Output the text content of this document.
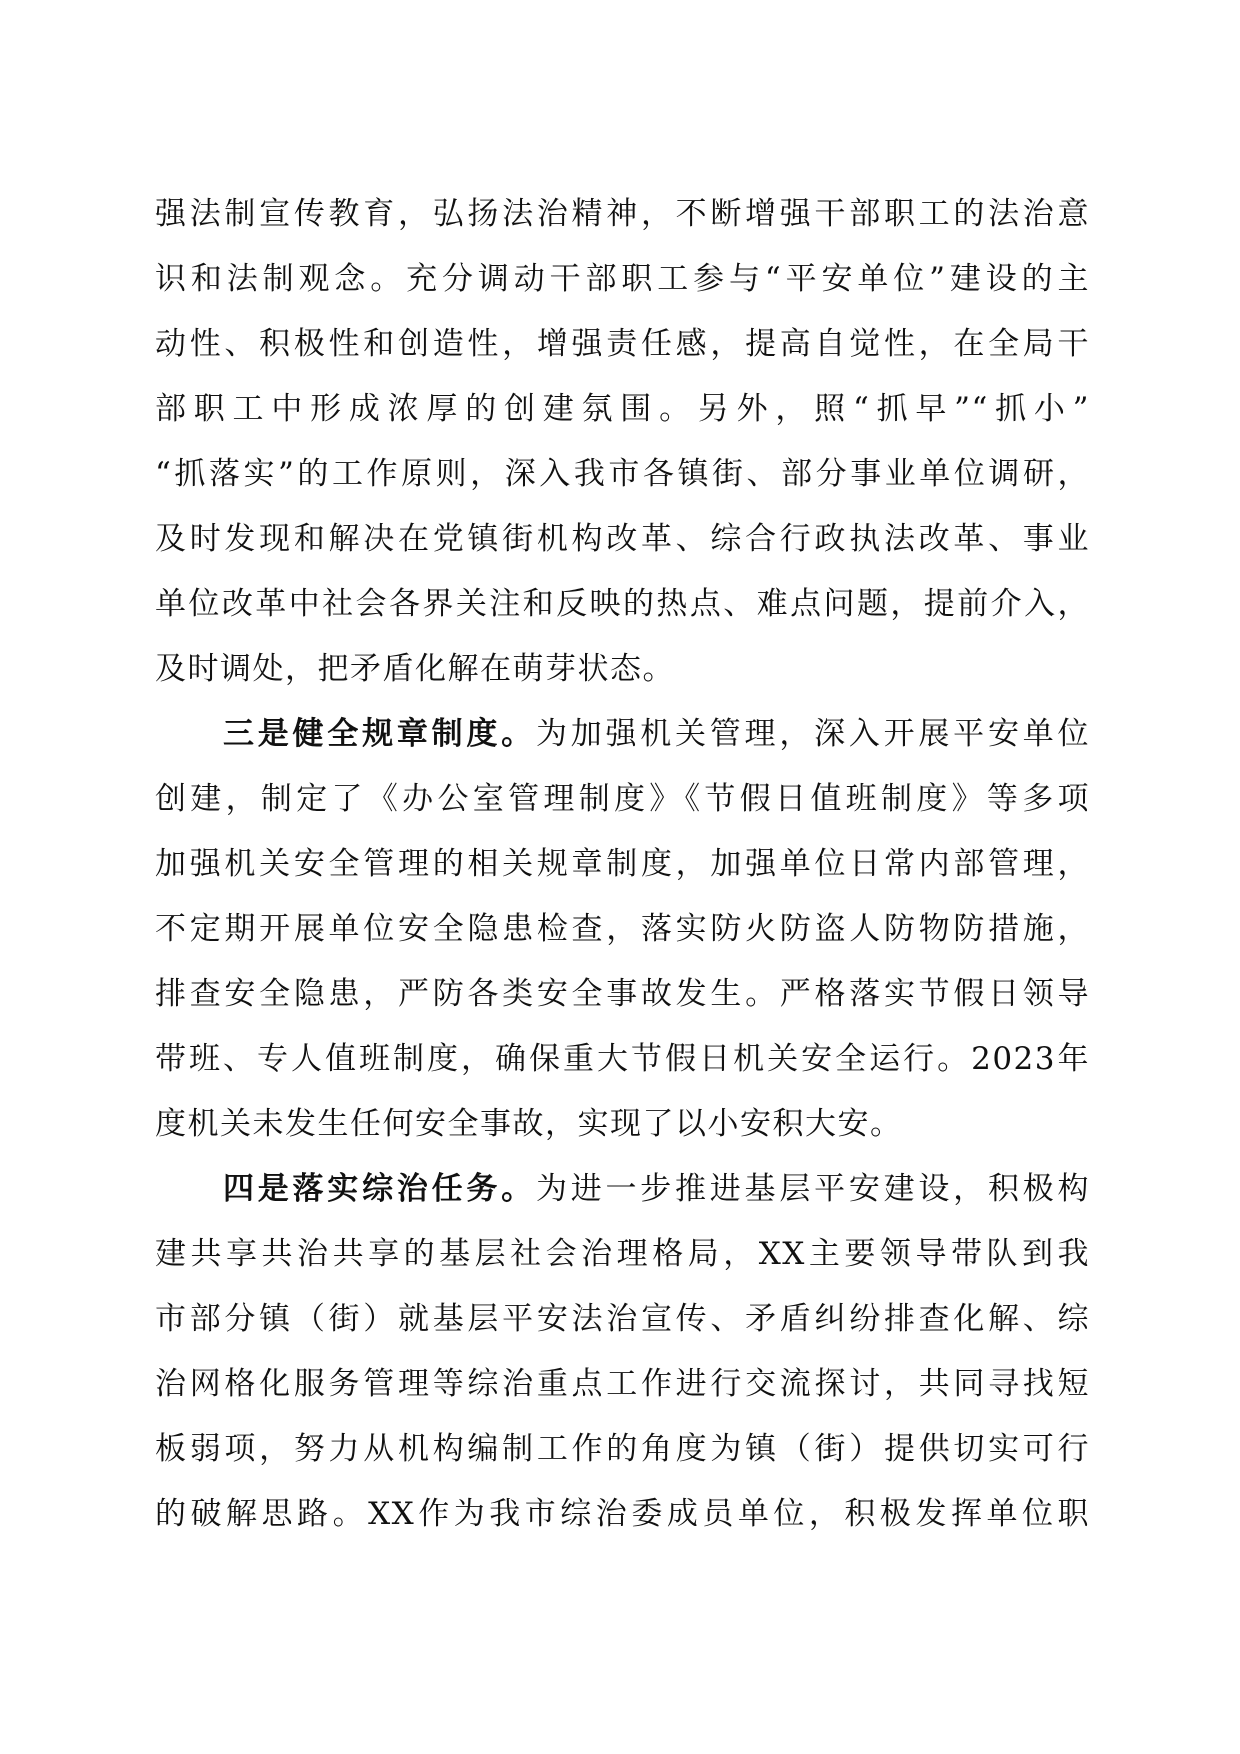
强法制宣传教育，弘扬法治精神，不断增强干部职工的法治意
识和法制观念。充分调动干部职工参与“平安单位”建设的主
动性、积极性和创造性，增强责任感，提高自觉性，在全局干
部职工中形成浓厚的创建氛围。另外，照“抓早”“抓小”
“抓落实”的工作原则，深入我市各镇街、部分事业单位调研，
及时发现和解决在党镇街机构改革、综合行政执法改革、事业
单位改革中社会各界关注和反映的热点、难点问题，提前介入，
及时调处，把矛盾化解在萌芽状态。
三是健全规章制度。为加强机关管理，深入开展平安单位
创建，制定了《办公室管理制度》《节假日值班制度》等多项
加强机关安全管理的相关规章制度，加强单位日常内部管理，
不定期开展单位安全隐患检查，落实防火防盗人防物防措施，
排查安全隐患，严防各类安全事故发生。严格落实节假日领导
带班、专人值班制度，确保重大节假日机关安全运行。2023年
度机关未发生任何安全事故，实现了以小安积大安。
四是落实综治任务。为进一步推进基层平安建设，积极构
建共享共治共享的基层社会治理格局，XX主要领导带队到我
市部分镇（街）就基层平安法治宣传、矛盾纠纷排查化解、综
治网格化服务管理等综治重点工作进行交流探讨，共同寻找短
板弱项，努力从机构编制工作的角度为镇（街）提供切实可行
的破解思路。XX作为我市综治委成员单位，积极发挥单位职
